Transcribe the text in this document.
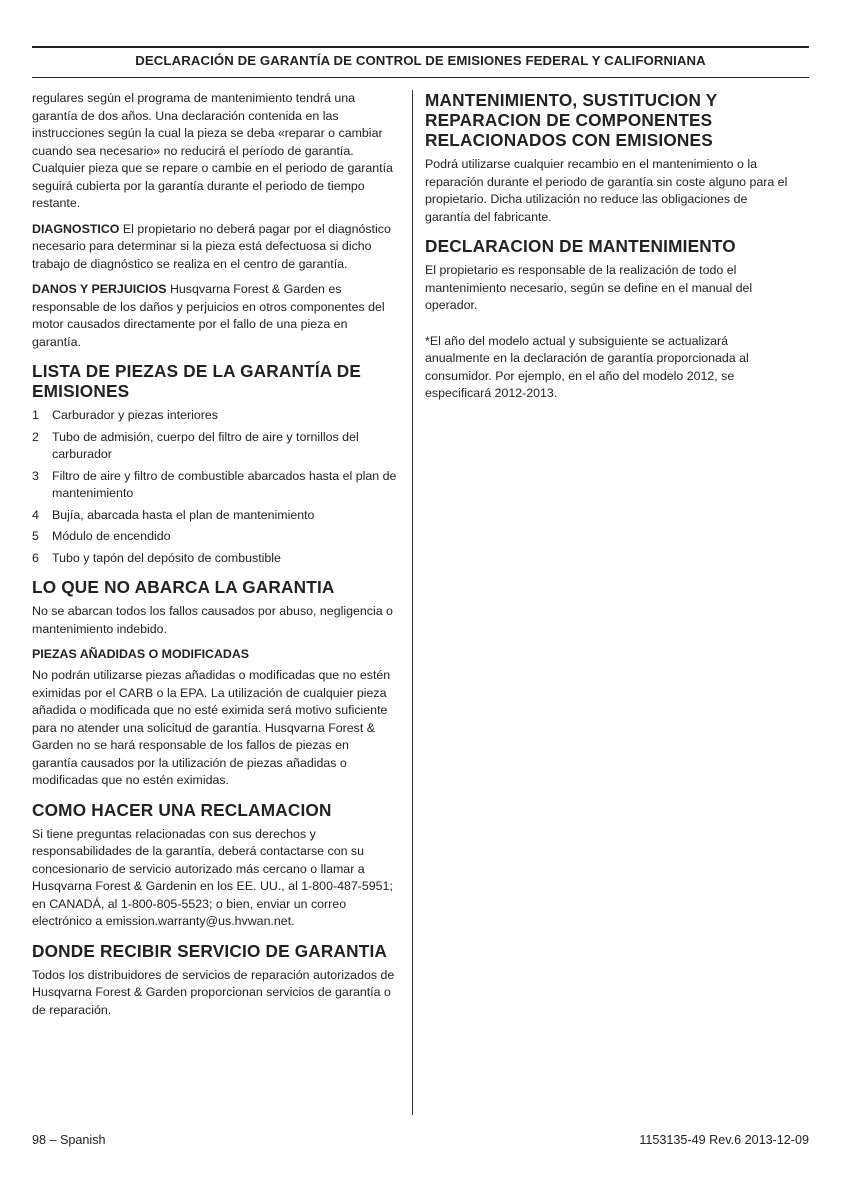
DECLARACIÓN DE GARANTÍA DE CONTROL DE EMISIONES FEDERAL Y CALIFORNIANA

regulares según el programa de mantenimiento tendrá una garantía de dos años. Una declaración contenida en las instrucciones según la cual la pieza se deba «reparar o cambiar cuando sea necesario» no reducirá el período de garantía. Cualquier pieza que se repare o cambie en el periodo de garantía seguirá cubierta por la garantía durante el periodo de tiempo restante.

DIAGNOSTICO El propietario no deberá pagar por el diagnóstico necesario para determinar si la pieza está defectuosa si dicho trabajo de diagnóstico se realiza en el centro de garantía.

DANOS Y PERJUICIOS Husqvarna Forest & Garden es responsable de los daños y perjuicios en otros componentes del motor causados directamente por el fallo de una pieza en garantía.

LISTA DE PIEZAS DE LA GARANTÍA DE EMISIONES
1	Carburador y piezas interiores
2	Tubo de admisión, cuerpo del filtro de aire y tornillos del carburador
3	Filtro de aire y filtro de combustible abarcados hasta el plan de mantenimiento
4	Bujía, abarcada hasta el plan de mantenimiento
5	Módulo de encendido
6	Tubo y tapón del depósito de combustible
LO QUE NO ABARCA LA GARANTIA

No se abarcan todos los fallos causados por abuso, negligencia o mantenimiento indebido.

PIEZAS AÑADIDAS O MODIFICADAS

No podrán utilizarse piezas añadidas o modificadas que no estén eximidas por el CARB o la EPA. La utilización de cualquier pieza añadida o modificada que no esté eximida será motivo suficiente para no atender una solicitud de garantía. Husqvarna Forest & Garden no se hará responsable de los fallos de piezas en garantía causados por la utilización de piezas añadidas o modificadas que no estén eximidas.

COMO HACER UNA RECLAMACION

Si tiene preguntas relacionadas con sus derechos y responsabilidades de la garantía, deberá contactarse con su concesionario de servicio autorizado más cercano o llamar a Husqvarna Forest & Gardenin en los EE. UU., al 1-800-487-5951; en CANADÁ, al 1-800-805-5523; o bien, enviar un correo electrónico a emission.warranty@us.hvwan.net.

DONDE RECIBIR SERVICIO DE GARANTIA

Todos los distribuidores de servicios de reparación autorizados de Husqvarna Forest & Garden proporcionan servicios de garantía o de reparación.

MANTENIMIENTO, SUSTITUCION Y REPARACION DE COMPONENTES RELACIONADOS CON EMISIONES

Podrá utilizarse cualquier recambio en el mantenimiento o la reparación durante el periodo de garantía sin coste alguno para el propietario. Dicha utilización no reduce las obligaciones de garantía del fabricante.

DECLARACION DE MANTENIMIENTO

El propietario es responsable de la realización de todo el mantenimiento necesario, según se define en el manual del operador.

*El año del modelo actual y subsiguiente se actualizará anualmente en la declaración de garantía proporcionada al consumidor. Por ejemplo, en el año del modelo 2012, se especificará 2012-2013.

98 – Spanish	1153135-49 Rev.6 2013-12-09
